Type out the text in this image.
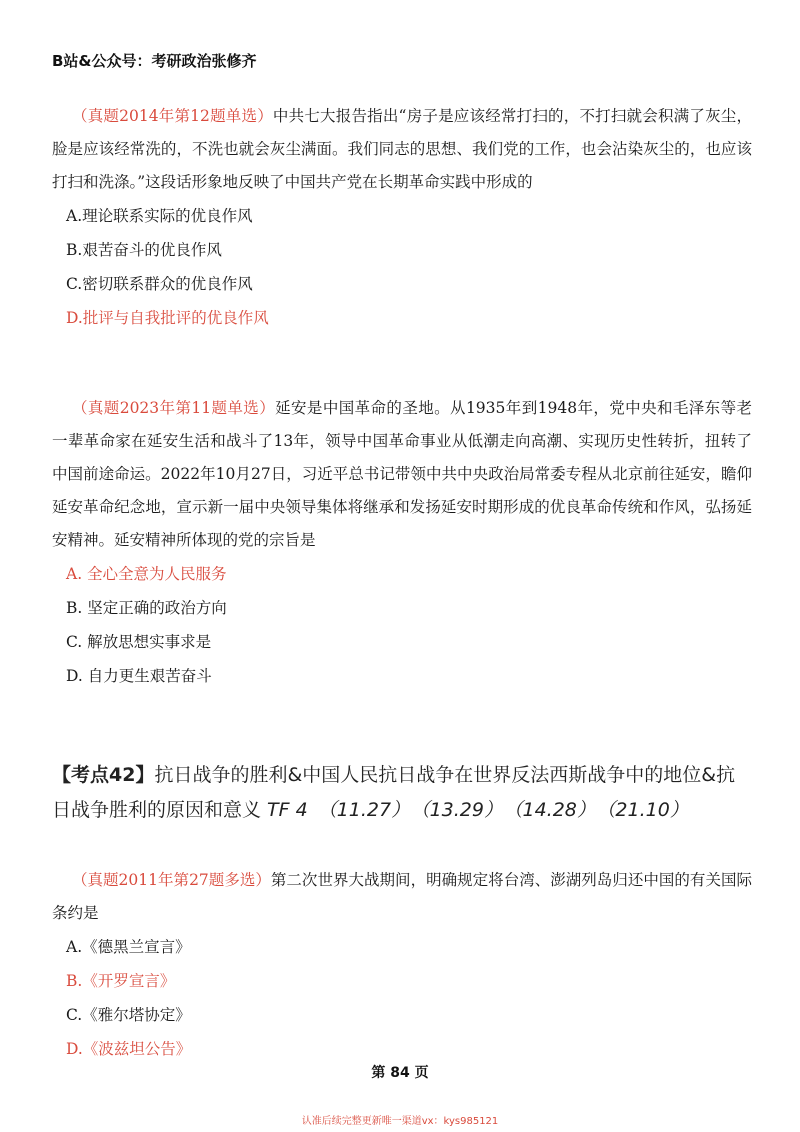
B站&公众号：考研政治张修齐

（真题2014年第12题单选）中共七大报告指出“房子是应该经常打扫的，不打扫就会积满了灰尘，脸是应该经常洗的，不洗也就会灰尘满面。我们同志的思想、我们党的工作，也会沾染灰尘的，也应该打扫和洗涤。”这段话形象地反映了中国共产党在长期革命实践中形成的

A.理论联系实际的优良作风

B.艰苦奋斗的优良作风

C.密切联系群众的优良作风

D.批评与自我批评的优良作风

（真题2023年第11题单选）延安是中国革命的圣地。从1935年到1948年，党中央和毛泽东等老一辈革命家在延安生活和战斗了13年，领导中国革命事业从低潮走向高潮、实现历史性转折，扭转了中国前途命运。2022年10月27日，习近平总书记带领中共中央政治局常委专程从北京前往延安，瞻仰延安革命纪念地，宣示新一届中央领导集体将继承和发扬延安时期形成的优良革命传统和作风，弘扬延安精神。延安精神所体现的党的宗旨是

A. 全心全意为人民服务

B. 坚定正确的政治方向

C. 解放思想实事求是

D. 自力更生艰苦奋斗

【考点42】抗日战争的胜利&中国人民抗日战争在世界反法西斯战争中的地位&抗日战争胜利的原因和意义 TF 4 （11.27） （13.29） （14.28） （21.10）

（真题2011年第27题多选）第二次世界大战期间，明确规定将台湾、澎湖列岛归还中国的有关国际条约是

A.《德黑兰宣言》

B.《开罗宣言》

C.《雅尔塔协定》

D.《波兹坦公告》

第 84 页
认准后续完整更新唯一渠道vx：kys985121
